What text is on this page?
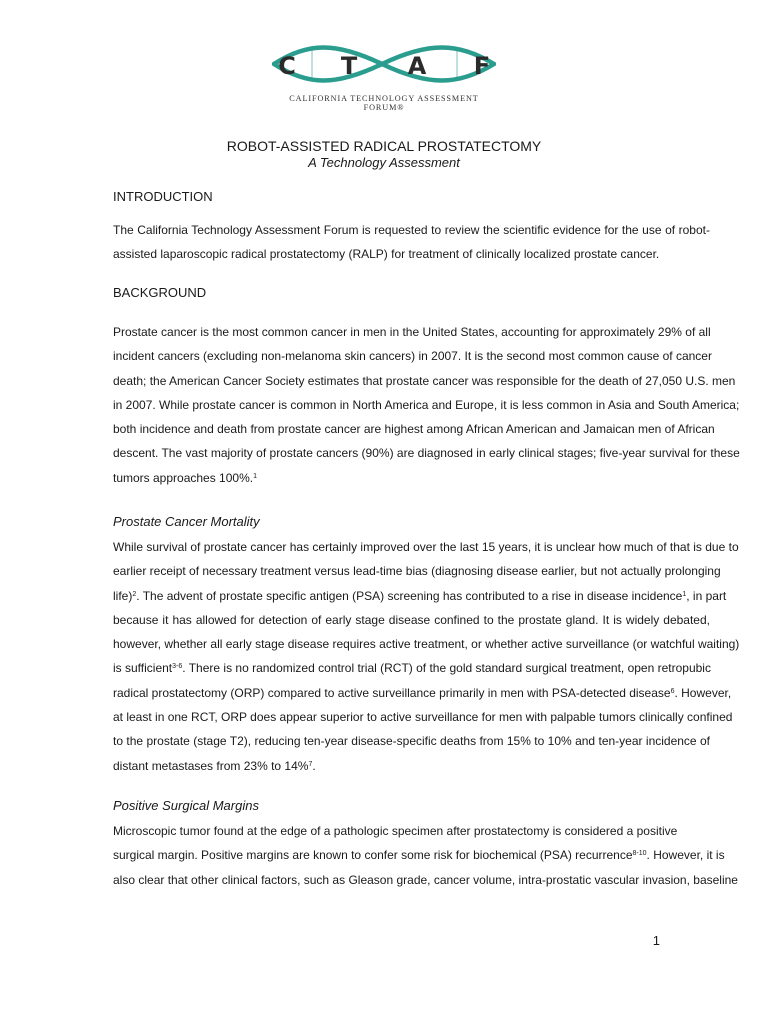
C T A F
CALIFORNIA TECHNOLOGY ASSESSMENT FORUM®
ROBOT-ASSISTED RADICAL PROSTATECTOMY
A Technology Assessment
INTRODUCTION
The California Technology Assessment Forum is requested to review the scientific evidence for the use of robot-
assisted laparoscopic radical prostatectomy (RALP) for treatment of clinically localized prostate cancer.
BACKGROUND
Prostate cancer is the most common cancer in men in the United States, accounting for approximately 29% of all
incident cancers (excluding non-melanoma skin cancers) in 2007. It is the second most common cause of cancer
death; the American Cancer Society estimates that prostate cancer was responsible for the death of 27,050 U.S. men
in 2007. While prostate cancer is common in North America and Europe, it is less common in Asia and South America;
both incidence and death from prostate cancer are highest among African American and Jamaican men of African
descent. The vast majority of prostate cancers (90%) are diagnosed in early clinical stages; five-year survival for these
tumors approaches 100%.$^1$
Prostate Cancer Mortality
While survival of prostate cancer has certainly improved over the last 15 years, it is unclear how much of that is due to
earlier receipt of necessary treatment versus lead-time bias (diagnosing disease earlier, but not actually prolonging
life)$^2$. The advent of prostate specific antigen (PSA) screening has contributed to a rise in disease incidence$^1$, in part
because it has allowed for detection of early stage disease confined to the prostate gland. It is widely debated,
however, whether all early stage disease requires active treatment, or whether active surveillance (or watchful waiting)
is sufficient$^{3-6}$. There is no randomized control trial (RCT) of the gold standard surgical treatment, open retropubic
radical prostatectomy (ORP) compared to active surveillance primarily in men with PSA-detected disease$^6$. However,
at least in one RCT, ORP does appear superior to active surveillance for men with palpable tumors clinically confined
to the prostate (stage T2), reducing ten-year disease-specific deaths from 15% to 10% and ten-year incidence of
distant metastases from 23% to 14%$^7$.
Positive Surgical Margins
Microscopic tumor found at the edge of a pathologic specimen after prostatectomy is considered a positive
surgical margin. Positive margins are known to confer some risk for biochemical (PSA) recurrence$^{8-10}$. However, it is
also clear that other clinical factors, such as Gleason grade, cancer volume, intra-prostatic vascular invasion, baseline
1
